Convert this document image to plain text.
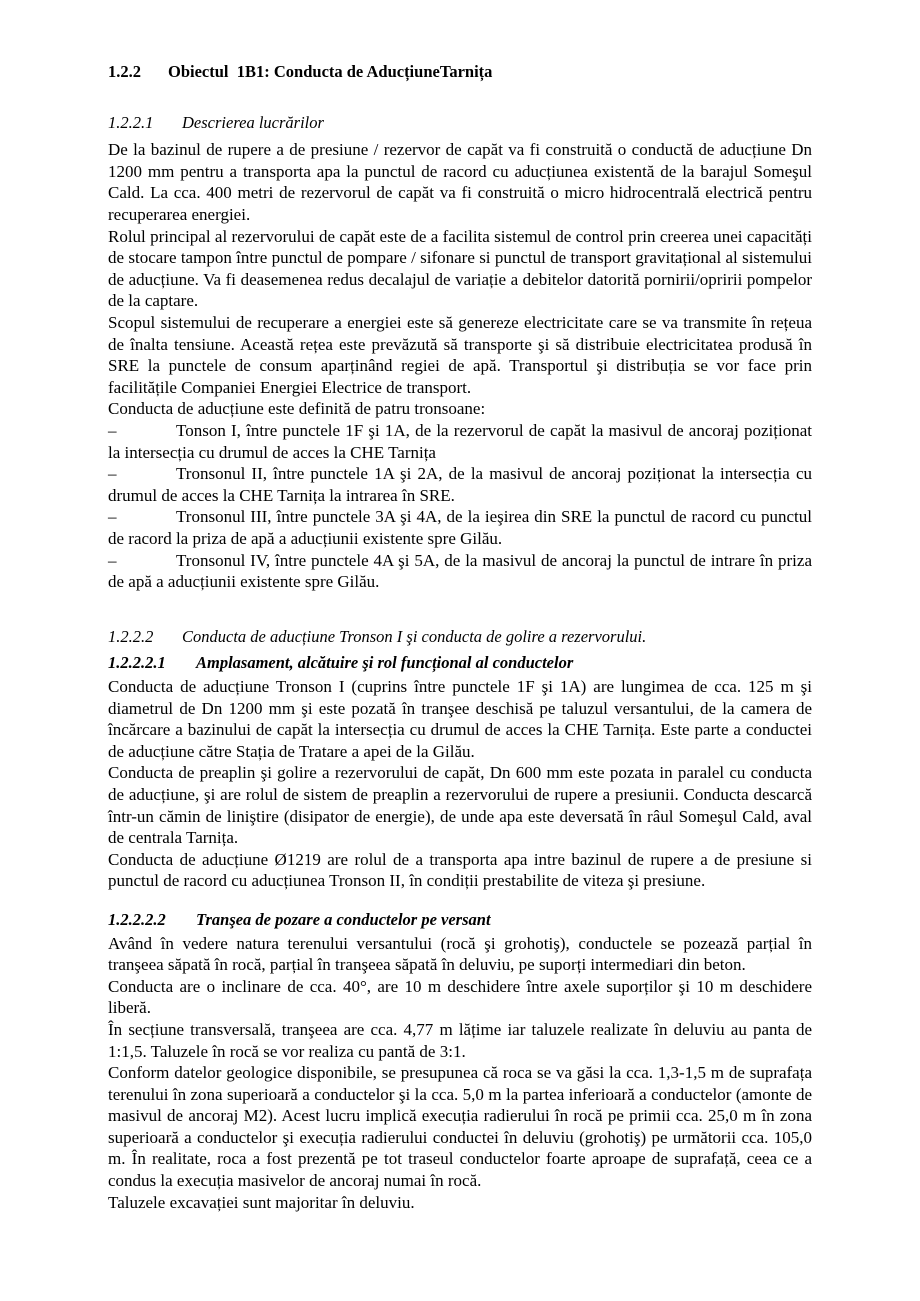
1.2.2	Obiectul  1B1: Conducta de AducțiuneTarnița
1.2.2.1	Descrierea lucrărilor

De la bazinul de rupere a de presiune / rezervor de capăt va fi construită o conductă de aducțiune Dn 1200 mm pentru a transporta apa la punctul de racord cu aducțiunea existentă de la barajul Someşul Cald. La cca. 400 metri de rezervorul de capăt va fi construită o micro hidrocentrală electrică pentru recuperarea energiei.

Rolul principal al rezervorului de capăt este de a facilita sistemul de control prin creerea unei capacități de stocare tampon între punctul de pompare / sifonare si punctul de transport gravitațional al sistemului de aducțiune. Va fi deasemenea redus decalajul de variație a debitelor datorită pornirii/opririi pompelor de la captare.

Scopul sistemului de recuperare a energiei este să genereze electricitate care se va transmite în rețeua de înalta tensiune. Această rețea este prevăzută să transporte şi să distribuie electricitatea produsă în SRE la punctele de consum aparținând regiei de apă. Transportul şi distribuția se vor face prin facilitățile Companiei Energiei Electrice de transport.

Conducta de aducțiune este definită de patru tronsoane:

–	Tonson I, între punctele 1F şi 1A, de la rezervorul de capăt la masivul de ancoraj poziționat la intersecția cu drumul de acces la CHE Tarnița

–	Tronsonul II, între punctele 1A şi 2A, de la masivul de ancoraj poziționat la intersecția cu drumul de acces la CHE Tarnița la intrarea în SRE.

–	Tronsonul III, între punctele 3A şi 4A, de la ieşirea din SRE la punctul de racord cu punctul de racord la priza de apă a aducțiunii existente spre Gilău.

–	Tronsonul IV, între punctele 4A şi 5A, de la masivul de ancoraj la punctul de intrare în priza de apă a aducțiunii existente spre Gilău.

1.2.2.2	Conducta de aducțiune Tronson I şi conducta de golire a rezervorului.
1.2.2.2.1	Amplasament, alcătuire şi rol funcțional al conductelor

Conducta de aducțiune Tronson I (cuprins între punctele 1F şi 1A) are lungimea de cca. 125 m şi diametrul de Dn 1200 mm şi este pozată în tranşee deschisă pe taluzul versantului, de la camera de încărcare a bazinului de capăt la intersecția cu drumul de acces la CHE Tarnița. Este parte a conductei de aducțiune către Stația de Tratare a apei de la Gilău.

Conducta de preaplin şi golire a rezervorului de capăt, Dn 600 mm este pozata in paralel cu conducta de aducțiune, şi are rolul de sistem de preaplin a rezervorului de rupere a presiunii. Conducta descarcă într-un cămin de liniştire (disipator de energie), de unde apa este deversată în râul Someşul Cald, aval de centrala Tarnița.

Conducta de aducțiune Ø1219 are rolul de a transporta apa intre bazinul de rupere a de presiune si punctul de racord cu aducțiunea Tronson II, în condiții prestabilite de viteza şi presiune.

1.2.2.2.2	Tranşea de pozare a conductelor pe versant

Având în vedere natura terenului versantului (rocă şi grohotiş), conductele se pozează parțial în tranşeea săpată în rocă, parțial în tranşeea săpată în deluviu, pe suporți intermediari din beton.

Conducta are o inclinare de cca. 40°, are 10 m deschidere între axele suporților şi 10 m deschidere liberă.

În secțiune transversală, tranşeea are cca. 4,77 m lățime iar taluzele realizate în deluviu au panta de 1:1,5. Taluzele în rocă se vor realiza cu pantă de 3:1.

Conform datelor geologice disponibile, se presupunea că roca se va găsi la cca. 1,3-1,5 m de suprafața terenului în zona superioară a conductelor şi la cca. 5,0 m la partea inferioară a conductelor (amonte de masivul de ancoraj M2). Acest lucru implică execuția radierului în rocă pe primii cca. 25,0 m în zona superioară a conductelor şi execuția radierului conductei în deluviu (grohotiş) pe următorii cca. 105,0 m. În realitate, roca a fost prezentă pe tot traseul conductelor foarte aproape de suprafață, ceea ce a condus la execuția masivelor de ancoraj numai în rocă.

Taluzele excavației sunt majoritar în deluviu.
